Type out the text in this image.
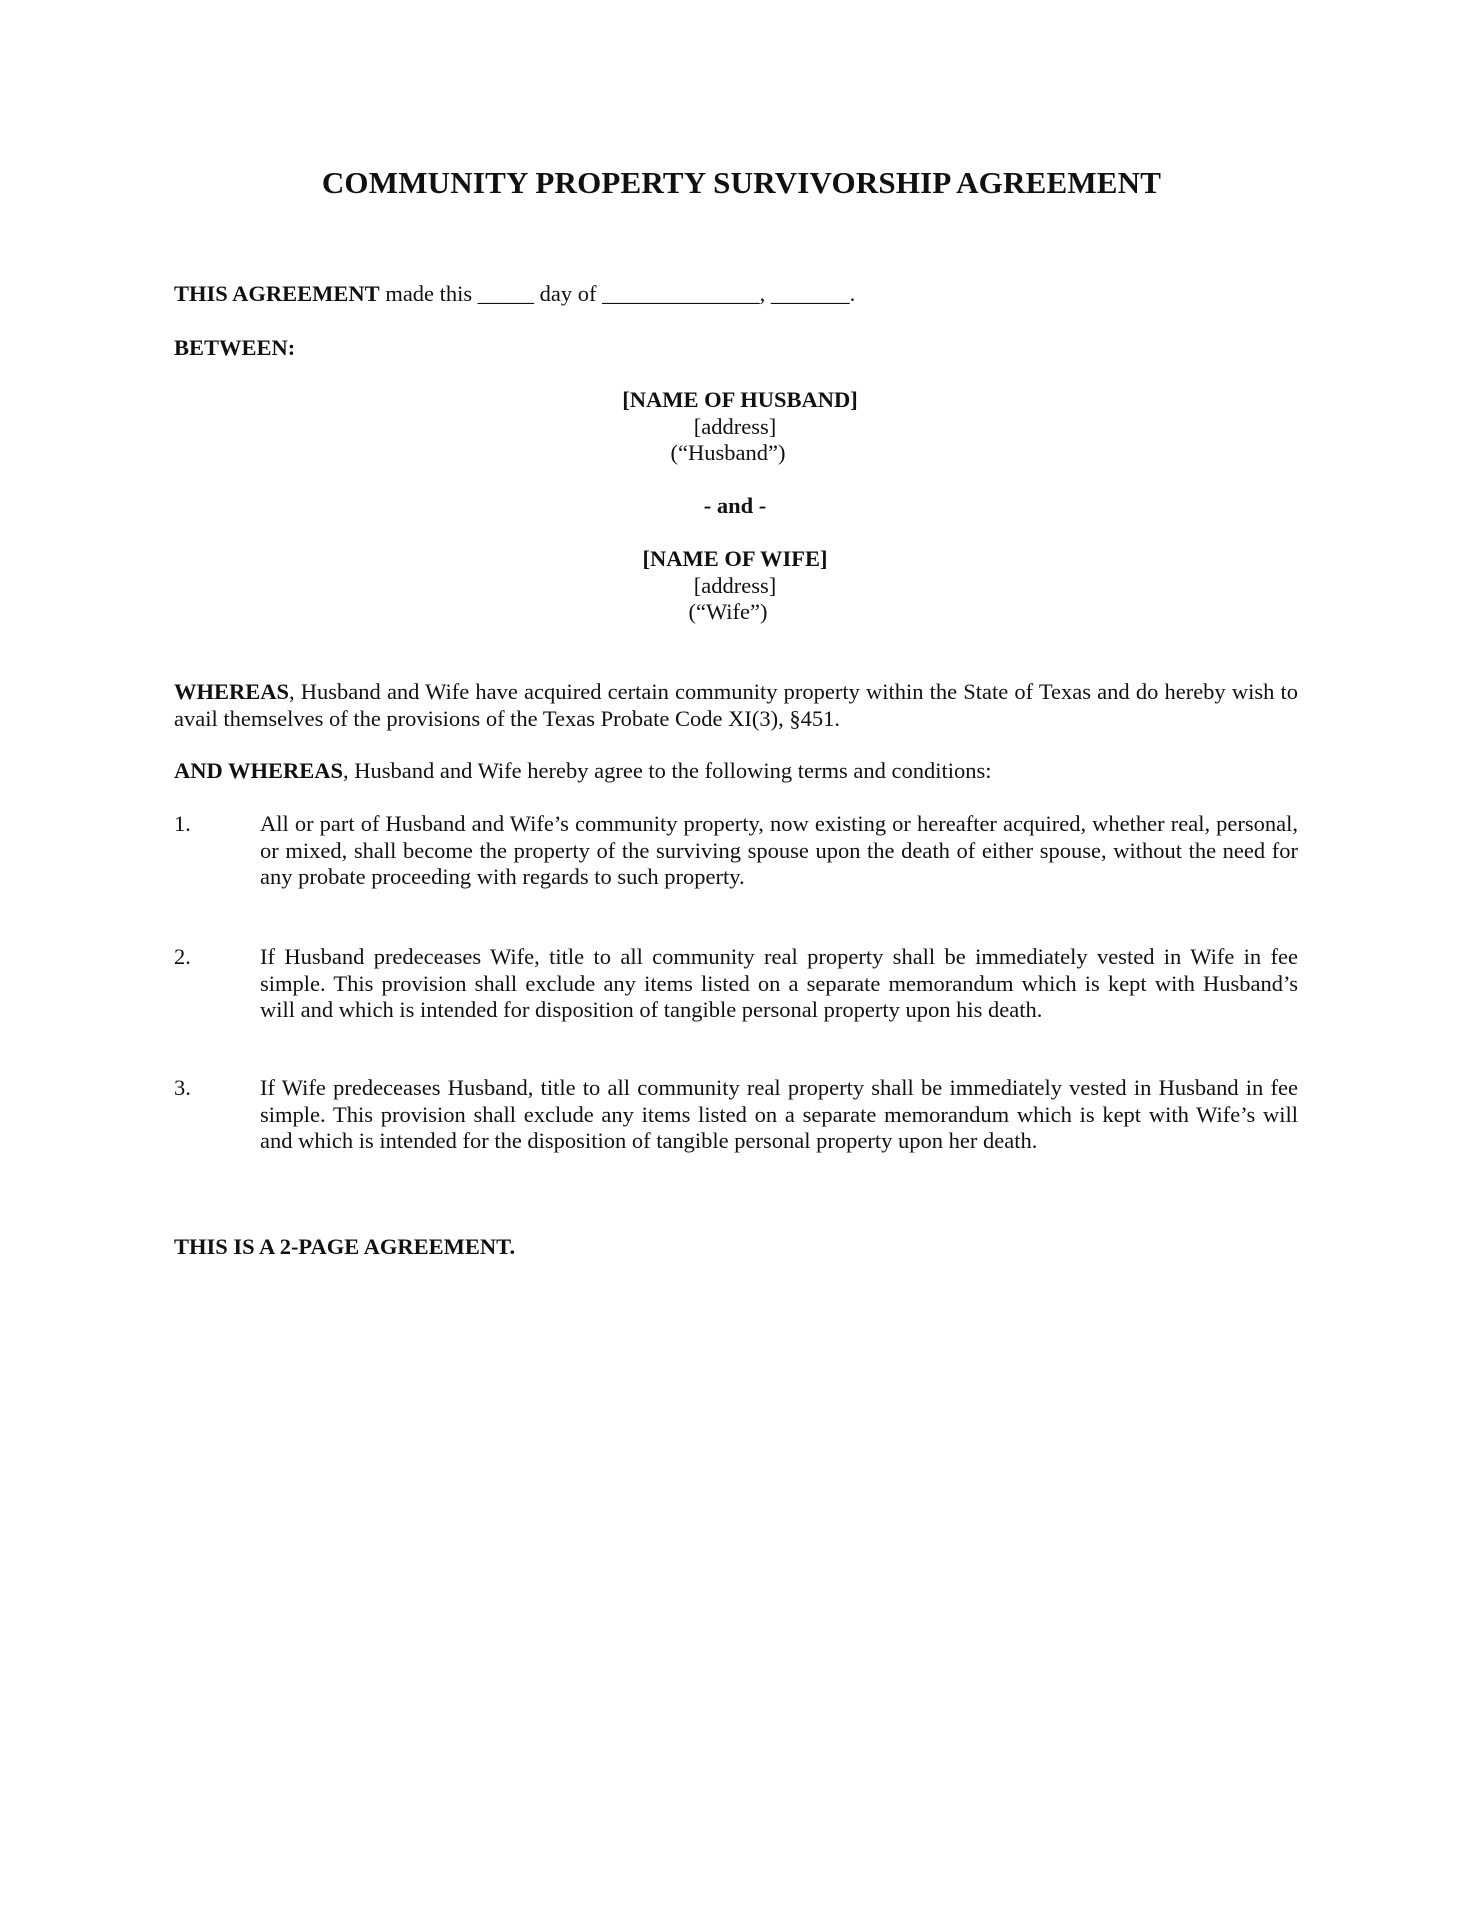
COMMUNITY PROPERTY SURVIVORSHIP AGREEMENT
THIS AGREEMENT made this _____ day of ______________, _______.
BETWEEN:
[NAME OF HUSBAND]
[address]
(“Husband”)
- and -
[NAME OF WIFE]
[address]
(“Wife”)
WHEREAS, Husband and Wife have acquired certain community property within the State of Texas and do hereby wish to avail themselves of the provisions of the Texas Probate Code XI(3), §451.
AND WHEREAS, Husband and Wife hereby agree to the following terms and conditions:
1.	All or part of Husband and Wife’s community property, now existing or hereafter acquired, whether real, personal, or mixed, shall become the property of the surviving spouse upon the death of either spouse, without the need for any probate proceeding with regards to such property.
2.	If Husband predeceases Wife, title to all community real property shall be immediately vested in Wife in fee simple. This provision shall exclude any items listed on a separate memorandum which is kept with Husband’s will and which is intended for disposition of tangible personal property upon his death.
3.	If Wife predeceases Husband, title to all community real property shall be immediately vested in Husband in fee simple. This provision shall exclude any items listed on a separate memorandum which is kept with Wife’s will and which is intended for the disposition of tangible personal property upon her death.
THIS IS A 2-PAGE AGREEMENT.
